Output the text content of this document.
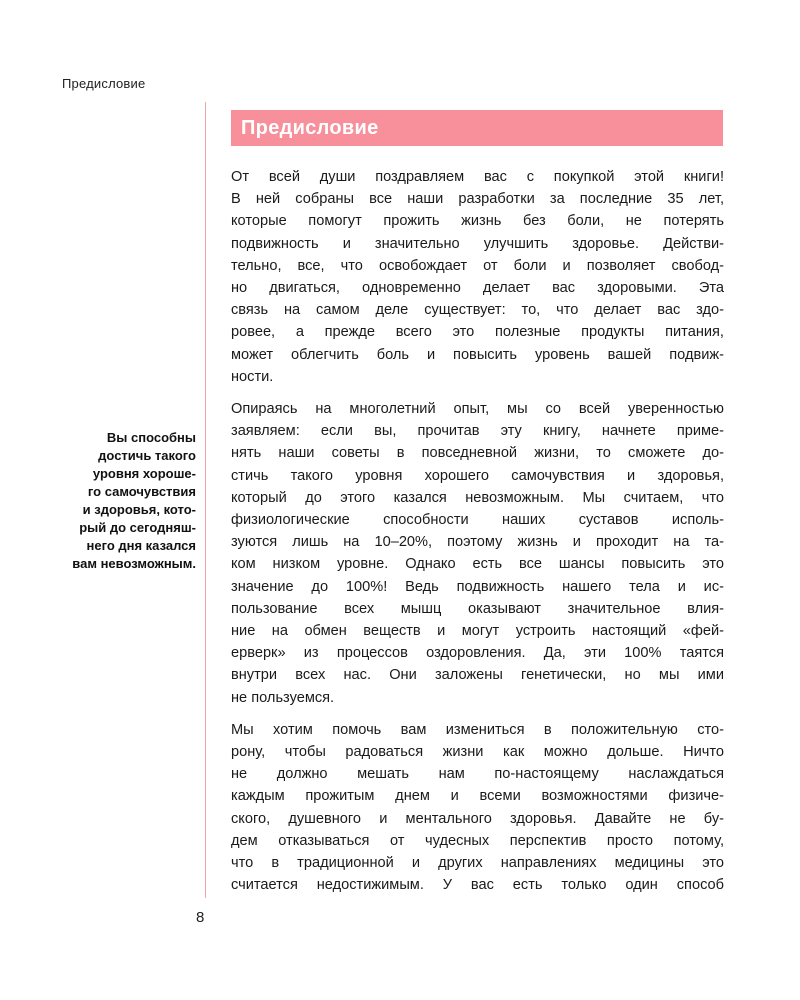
Предисловие
Вы способны
достичь такого
уровня хороше-
го самочувствия
и здоровья, кото-
рый до сегодняш-
него дня казался
вам невозможным.
Предисловие
От всей души поздравляем вас с покупкой этой книги!
В ней собраны все наши разработки за последние 35 лет,
которые помогут прожить жизнь без боли, не потерять
подвижность и значительно улучшить здоровье. Действи-
тельно, все, что освобождает от боли и позволяет свобод-
но двигаться, одновременно делает вас здоровыми. Эта
связь на самом деле существует: то, что делает вас здо-
ровее, а прежде всего это полезные продукты питания,
может облегчить боль и повысить уровень вашей подвиж-
ности.
Опираясь на многолетний опыт, мы со всей уверенностью
заявляем: если вы, прочитав эту книгу, начнете приме-
нять наши советы в повседневной жизни, то сможете до-
стичь такого уровня хорошего самочувствия и здоровья,
который до этого казался невозможным. Мы считаем, что
физиологические способности наших суставов исполь-
зуются лишь на 10–20%, поэтому жизнь и проходит на та-
ком низком уровне. Однако есть все шансы повысить это
значение до 100%! Ведь подвижность нашего тела и ис-
пользование всех мышц оказывают значительное влия-
ние на обмен веществ и могут устроить настоящий «фей-
ерверк» из процессов оздоровления. Да, эти 100% таятся
внутри всех нас. Они заложены генетически, но мы ими
не пользуемся.
Мы хотим помочь вам измениться в положительную сто-
рону, чтобы радоваться жизни как можно дольше. Ничто
не должно мешать нам по-настоящему наслаждаться
каждым прожитым днем и всеми возможностями физиче-
ского, душевного и ментального здоровья. Давайте не бу-
дем отказываться от чудесных перспектив просто потому,
что в традиционной и других направлениях медицины это
считается недостижимым. У вас есть только один способ
8
